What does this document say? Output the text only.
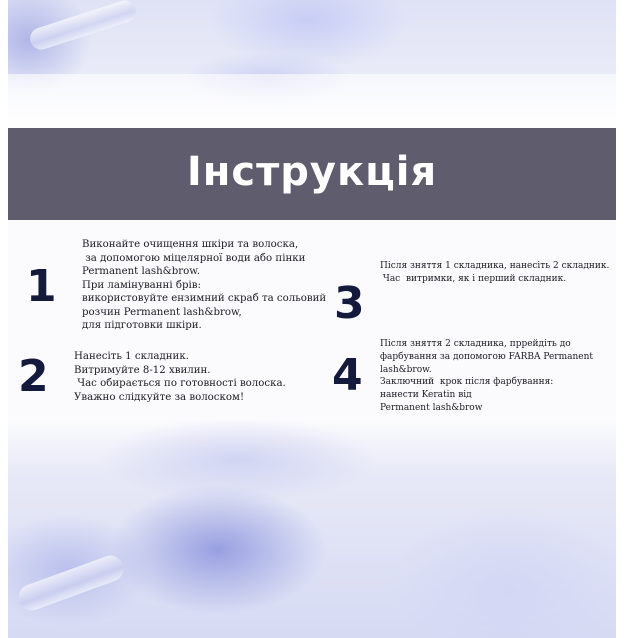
Інструкція
1
Виконайте очищення шкіри та волоска,
за допомогою міцелярної води або пінки
Permanent lash&brow.
При ламінуванні брів:
використовуйте ензимний скраб та сольовий
розчин Permanent lash&brow,
для підготовки шкіри.
2	Нанесіть 1 складник.
Витримуйте 8-12 хвилин.
Час обирається по готовності волоска.
Уважно слідкуйте за волоском!
3
Після зняття 1 складника, нанесіть 2 складник.
Час  витримки, як і перший складник.
4
Після зняття 2 складника, пррейдіть до
фарбування за допомогою FARBA Permanent
lash&brow.
Заключний  крок після фарбування:
нанести Keratin від
Permanent lash&brow
